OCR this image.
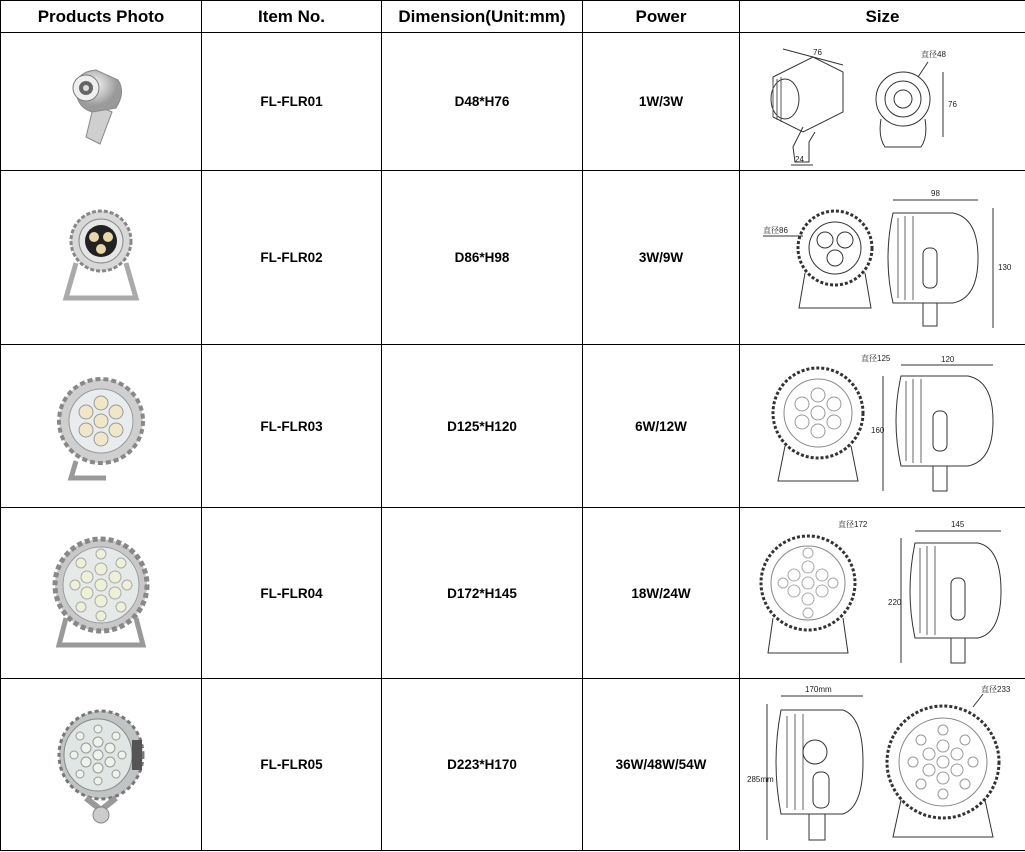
Products Photo	Item No.	Dimension(Unit:mm)	Power	Size

	FL-FLR01	D48*H76	1W/3W	76 直径48
76
24

	FL-FLR02	D86*H98	3W/9W	直径86
98
130

	FL-FLR03	D125*H120	6W/12W	直径125 120
160

	FL-FLR04	D172*H145	18W/24W	直径172 145
220

	FL-FLR05	D223*H170	36W/48W/54W	170mm 直径233
285mm
